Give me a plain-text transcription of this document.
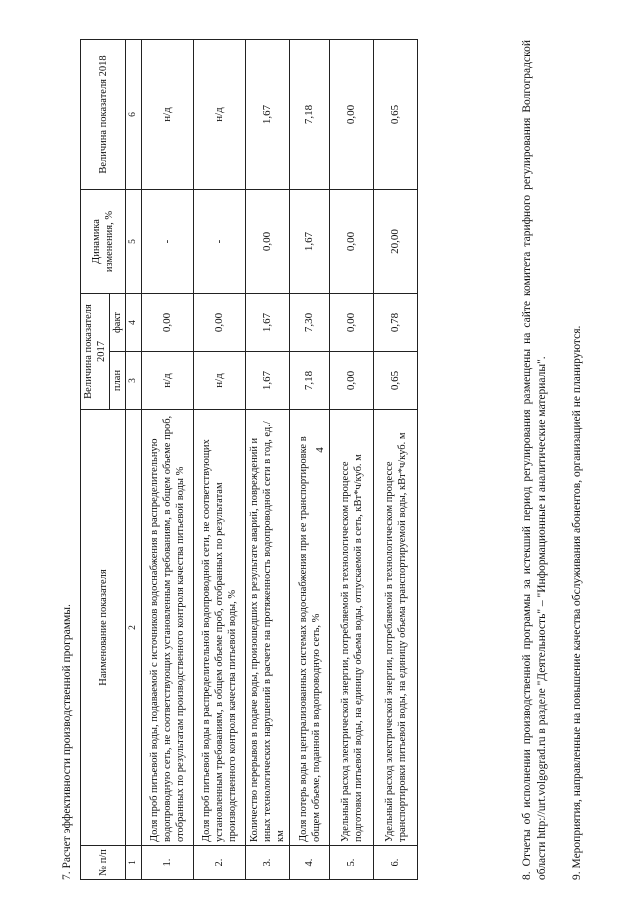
4
7. Расчет эффективности производственной программы. № п/п	Наименование показателя	Величина показателя 2017		Динамика изменения, %	Величина показателя 2018
		план	факт		
1	2	3	4	5	6
1.	Доля проб питьевой воды, подаваемой с источников водоснабжения в распределительную водопроводную сеть, не соответствующих установленным требованиям, в общем объеме проб, отобранных по результатам производственного контроля качества питьевой воды %	н/д	0,00	-	н/д
2.	Доля проб питьевой воды в распределительной водопроводной сети, не соответствующих установленным требованиям, в общем объеме проб, отобранных по результатам производственного контроля качества питьевой воды, %	н/д	0,00	-	н/д
3.	Количество перерывов в подаче воды, произошедших в результате аварий, повреждений и иных технологических нарушений в расчете на протяженность водопроводной сети в год, ед./км	1,67	1,67	0,00	1,67
4.	Доля потерь воды в централизованных системах водоснабжения при ее транспортировке в общем объеме, поданной в водопроводную сеть, %	7,18	7,30	1,67	7,18
5.	Удельный расход электрической энергии, потребляемой в технологическом процессе подготовки питьевой воды, на единицу объема воды, отпускаемой в сеть, кВт*ч/куб. м	0,00	0,00	0,00	0,00
6.	Удельный расход электрической энергии, потребляемой в технологическом процессе транспортировки питьевой воды, на единицу объема транспортируемой воды, кВт*ч/куб. м	0,65	0,78	20,00	0,65	8. Отчеты об исполнении производственной программы за истекший период регулирования размещены на сайте комитета тарифного регулирования Волгоградской области http://urt.volgograd.ru в разделе "Деятельность" – "Информационные и аналитические материалы". 9. Мероприятия, направленные на повышение качества обслуживания абонентов, организацией не планируются.
